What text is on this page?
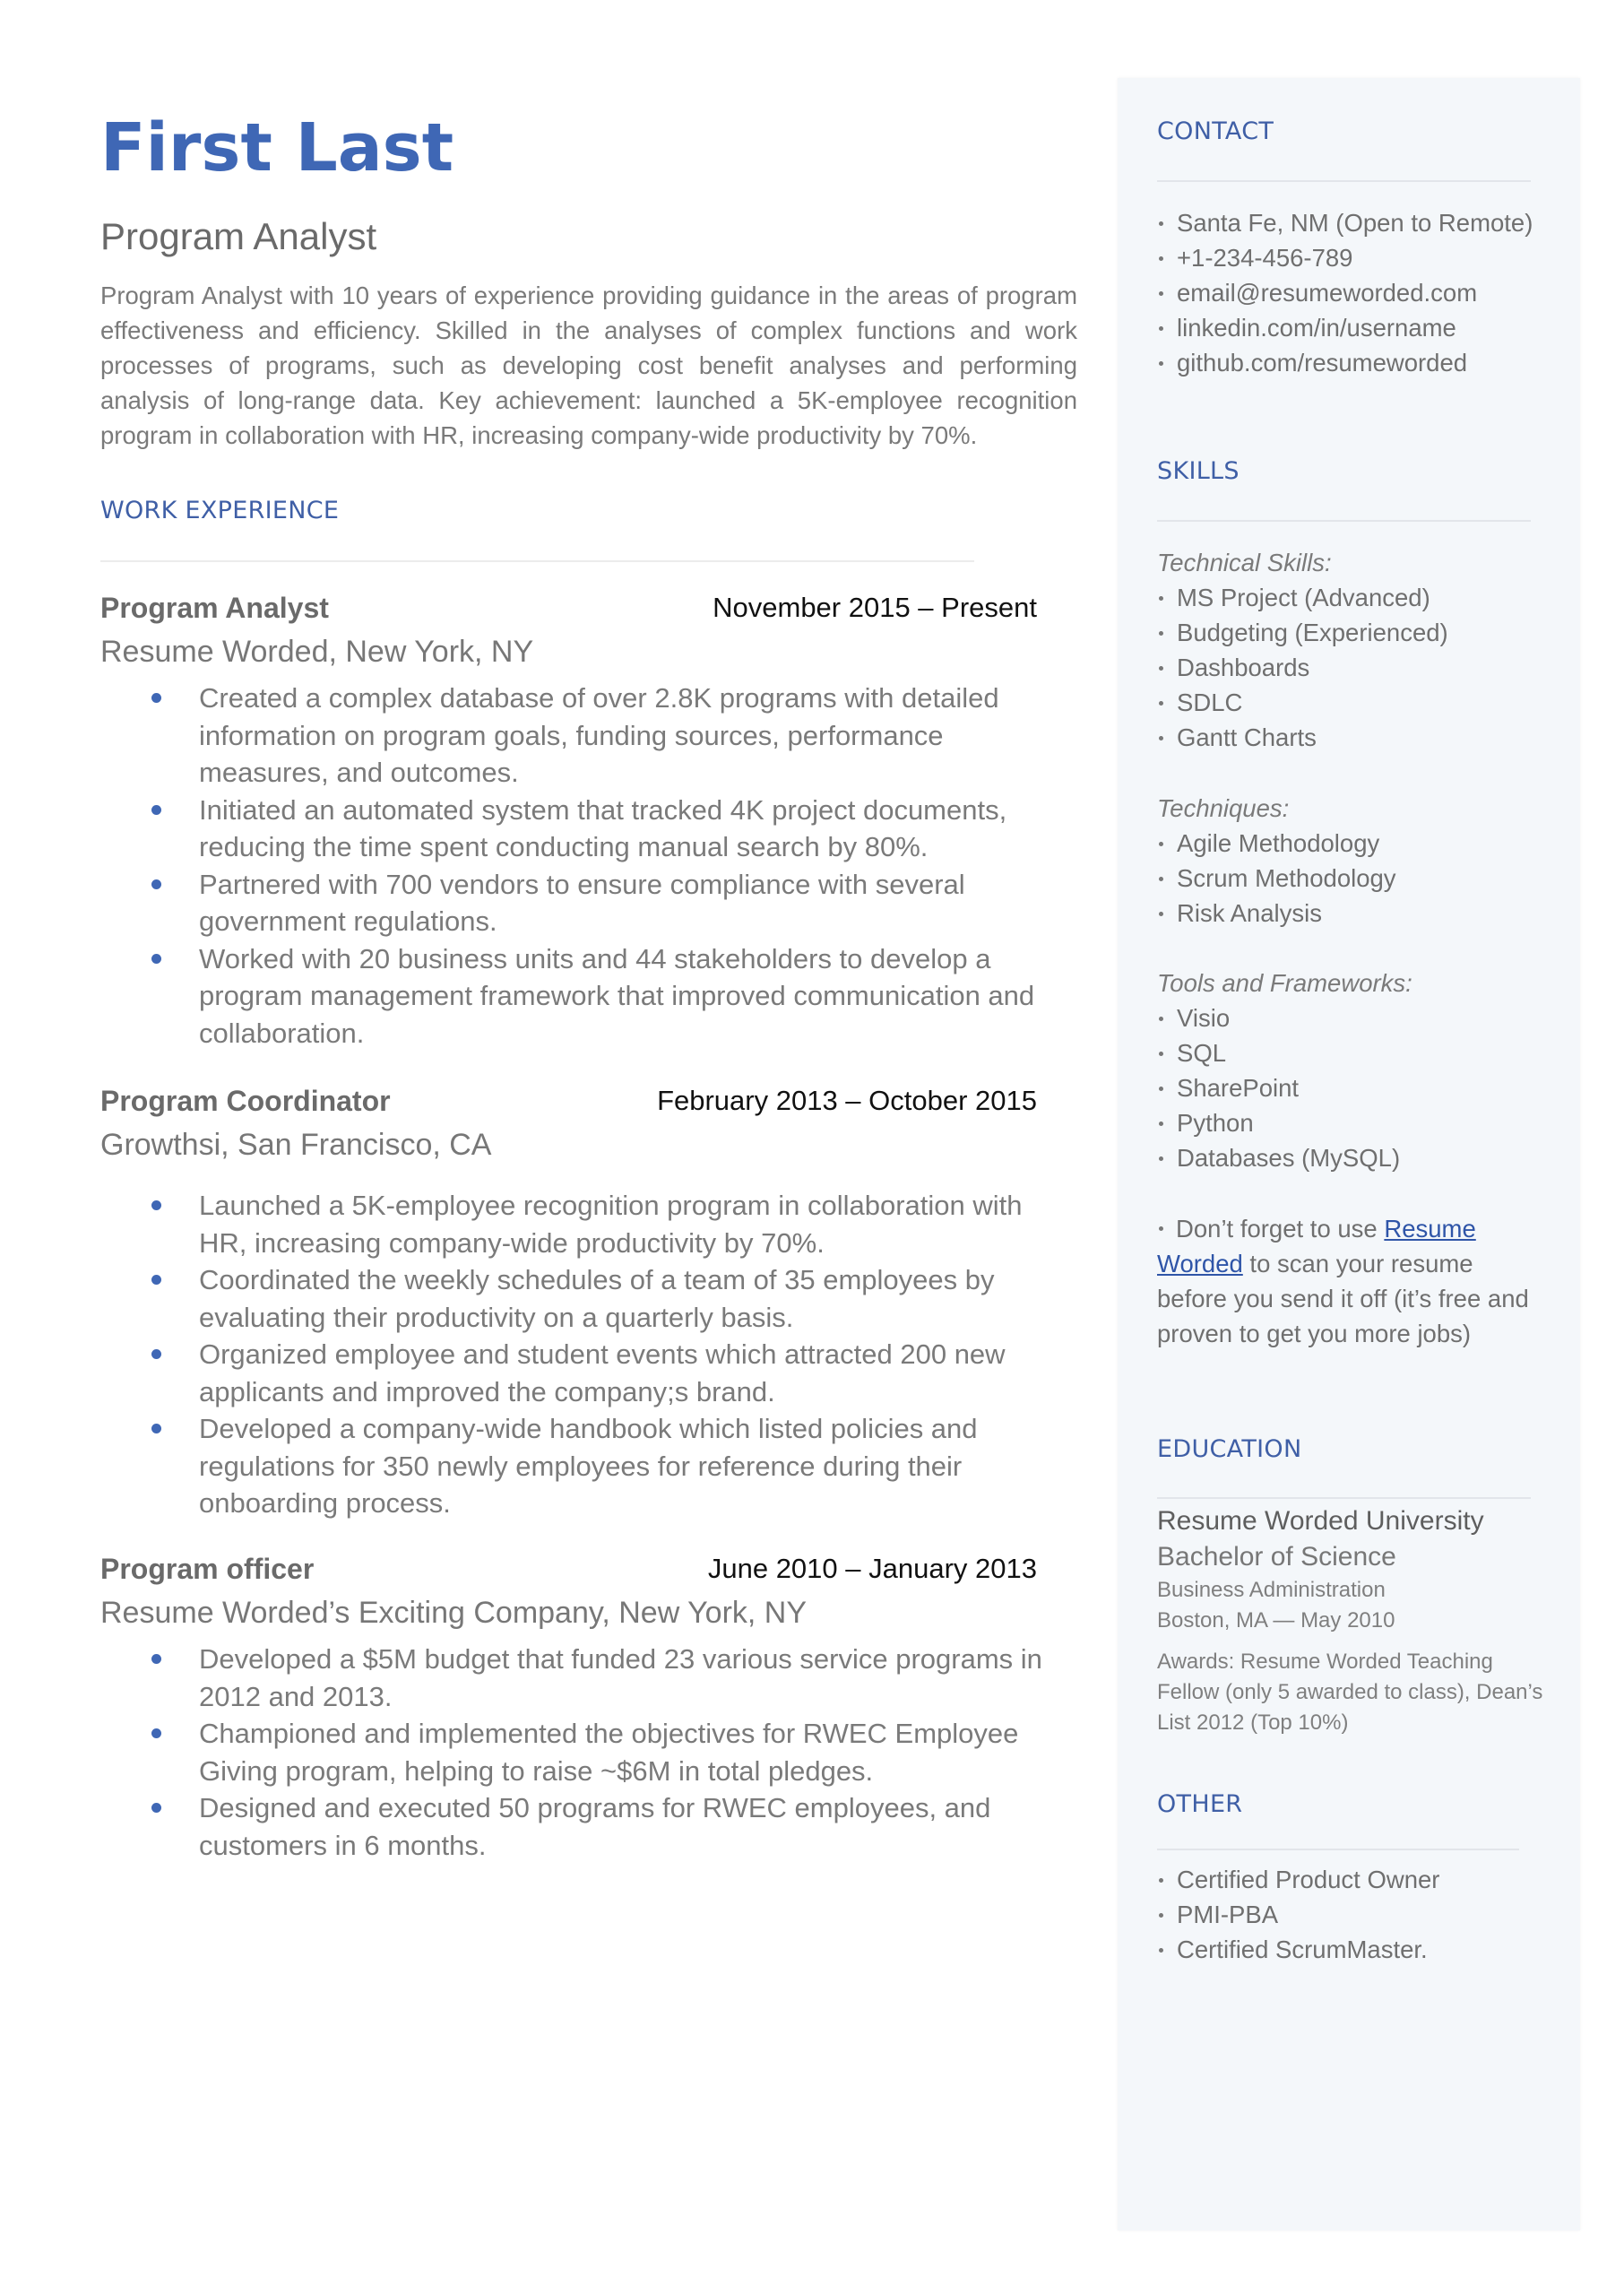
First Last
Program Analyst

Program Analyst with 10 years of experience providing guidance in the areas of program effectiveness and efficiency. Skilled in the analyses of complex functions and work processes of programs, such as developing cost benefit analyses and performing analysis of long-range data. Key achievement: launched a 5K-employee recognition program in collaboration with HR, increasing company-wide productivity by 70%.

WORK EXPERIENCE
Program Analyst	November 2015 – Present
Resume Worded, New York, NY
Created a complex database of over 2.8K programs with detailed information on program goals, funding sources, performance measures, and outcomes.
Initiated an automated system that tracked 4K project documents, reducing the time spent conducting manual search by 80%.
Partnered with 700 vendors to ensure compliance with several government regulations.
Worked with 20 business units and 44 stakeholders to develop a program management framework that improved communication and collaboration.
Program Coordinator	February 2013 – October 2015
Growthsi, San Francisco, CA
Launched a 5K-employee recognition program in collaboration with HR, increasing company-wide productivity by 70%.
Coordinated the weekly schedules of a team of 35 employees by evaluating their productivity on a quarterly basis.
Organized employee and student events which attracted 200 new applicants and improved the company;s brand.
Developed a company-wide handbook which listed policies and regulations for 350 newly employees for reference during their onboarding process.
Program officer	June 2010 – January 2013
Resume Worded’s Exciting Company, New York, NY
Developed a $5M budget that funded 23 various service programs in 2012 and 2013.
Championed and implemented the objectives for RWEC Employee Giving program, helping to raise ~$6M in total pledges.
Designed and executed 50 programs for RWEC employees, and customers in 6 months.
CONTACT
Santa Fe, NM (Open to Remote)
+1-234-456-789
email@resumeworded.com
linkedin.com/in/username
github.com/resumeworded
SKILLS
Technical Skills:
MS Project (Advanced)
Budgeting (Experienced)
Dashboards
SDLC
Gantt Charts
Techniques:
Agile Methodology
Scrum Methodology
Risk Analysis
Tools and Frameworks:
Visio
SQL
SharePoint
Python
Databases (MySQL)
Don’t forget to use Resume Worded to scan your resume before you send it off (it’s free and proven to get you more jobs)
EDUCATION
Resume Worded University
Bachelor of Science
Business Administration
Boston, MA — May 2010
Awards: Resume Worded Teaching Fellow (only 5 awarded to class), Dean’s List 2012 (Top 10%)
OTHER
Certified Product Owner
PMI-PBA
Certified ScrumMaster.
